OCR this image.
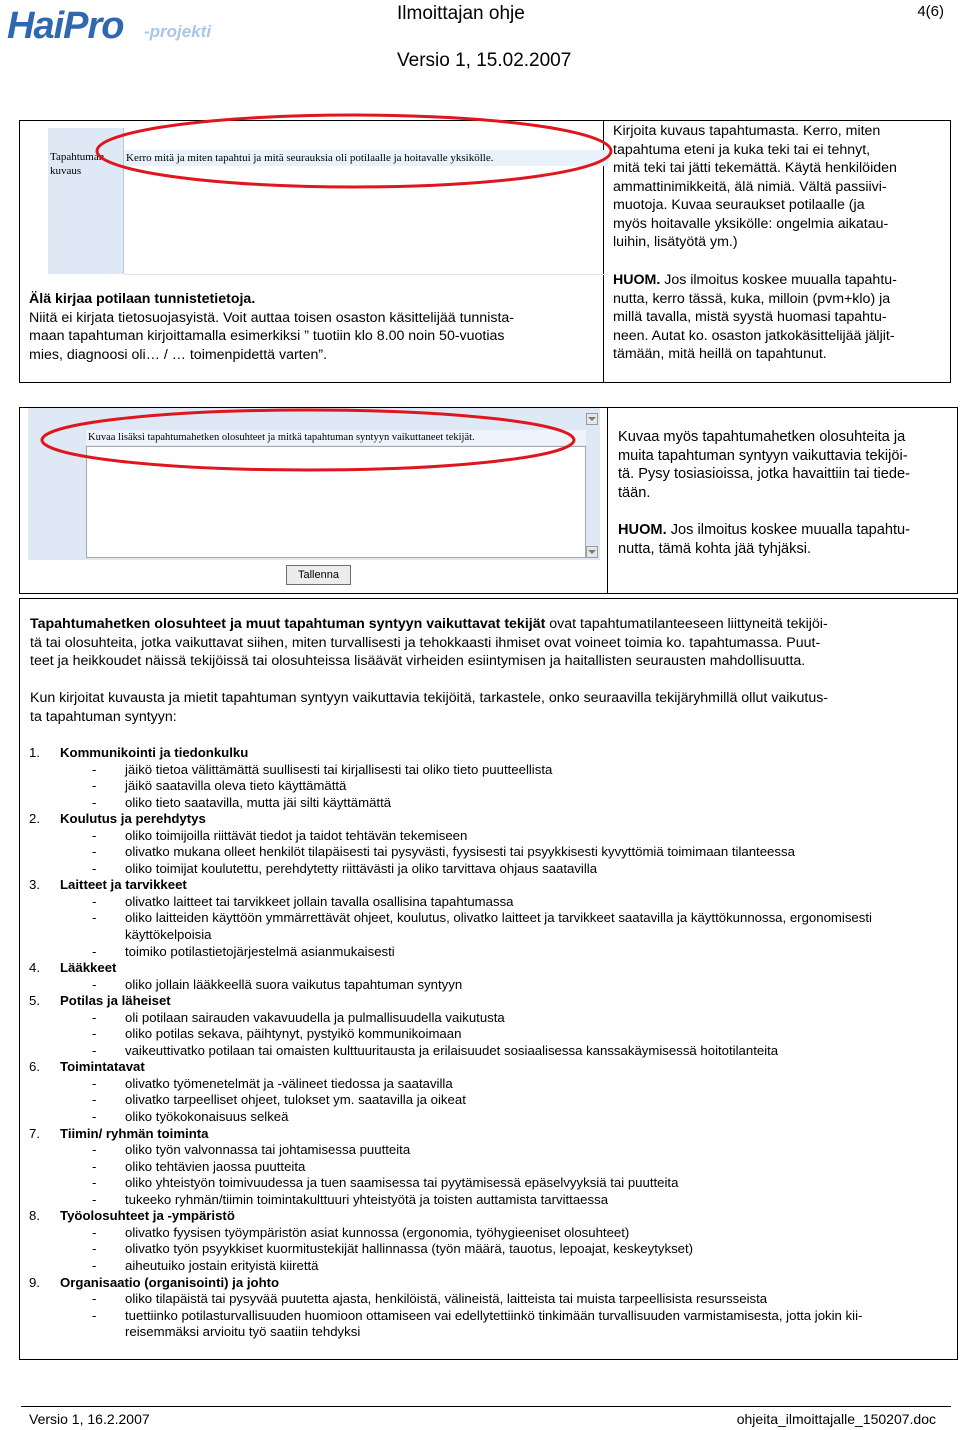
HaiPro -projekti
Ilmoittajan ohje
Versio 1, 15.02.2007
4(6)
Tapahtuman
kuvaus
Kerro mitä ja miten tapahtui ja mitä seurauksia oli potilaalle ja hoitavalle yksikölle.
Älä kirjaa potilaan tunnistetietoja.
Niitä ei kirjata tietosuojasyistä. Voit auttaa toisen osaston käsittelijää tunnista-
maan tapahtuman kirjoittamalla esimerkiksi ” tuotiin klo 8.00 noin 50-vuotias
mies, diagnoosi oli… / … toimenpidettä varten”.
Kirjoita kuvaus tapahtumasta. Kerro, miten
tapahtuma eteni ja kuka teki tai ei tehnyt,
mitä teki tai jätti tekemättä. Käytä henkilöiden
ammattinimikkeitä, älä nimiä. Vältä passiivi-
muotoja. Kuvaa seuraukset potilaalle (ja
myös hoitavalle yksikölle: ongelmia aikatau-
luihin, lisätyötä ym.)
HUOM. Jos ilmoitus koskee muualla tapahtu-
nutta, kerro tässä, kuka, milloin (pvm+klo) ja
millä tavalla, mistä syystä huomasi tapahtu-
neen. Autat ko. osaston jatkokäsittelijää jäljit-
tämään, mitä heillä on tapahtunut.
Kuvaa lisäksi tapahtumahetken olosuhteet ja mitkä tapahtuman syntyyn vaikuttaneet tekijät.
Tallenna
Kuvaa myös tapahtumahetken olosuhteita ja
muita tapahtuman syntyyn vaikuttavia tekijöi-
tä. Pysy tosiasioissa, jotka havaittiin tai tiede-
tään.
HUOM. Jos ilmoitus koskee muualla tapahtu-
nutta, tämä kohta jää tyhjäksi.
Tapahtumahetken olosuhteet ja muut tapahtuman syntyyn vaikuttavat tekijät ovat tapahtumatilanteeseen liittyneitä tekijöi-
tä tai olosuhteita, jotka vaikuttavat siihen, miten turvallisesti ja tehokkaasti ihmiset ovat voineet toimia ko. tapahtumassa. Puut-
teet ja heikkoudet näissä tekijöissä tai olosuhteissa lisäävät virheiden esiintymisen ja haitallisten seurausten mahdollisuutta.
Kun kirjoitat kuvausta ja mietit tapahtuman syntyyn vaikuttavia tekijöitä, tarkastele, onko seuraavilla tekijäryhmillä ollut vaikutus-
ta tapahtuman syntyyn:
1. Kommunikointi ja tiedonkulku
- jäikö tietoa välittämättä suullisesti tai kirjallisesti tai oliko tieto puutteellista
- jäikö saatavilla oleva tieto käyttämättä
- oliko tieto saatavilla, mutta jäi silti käyttämättä
2. Koulutus ja perehdytys
- oliko toimijoilla riittävät tiedot ja taidot tehtävän tekemiseen
- olivatko mukana olleet henkilöt tilapäisesti tai pysyvästi, fyysisesti tai psyykkisesti kyvyttömiä toimimaan tilanteessa
- oliko toimijat koulutettu, perehdytetty riittävästi ja oliko tarvittava ohjaus saatavilla
3. Laitteet ja tarvikkeet
- olivatko laitteet tai tarvikkeet jollain tavalla osallisina tapahtumassa
- oliko laitteiden käyttöön ymmärrettävät ohjeet, koulutus, olivatko laitteet ja tarvikkeet saatavilla ja käyttökunnossa, ergonomisesti
käyttökelpoisia
- toimiko potilastietojärjestelmä asianmukaisesti
4. Lääkkeet
- oliko jollain lääkkeellä suora vaikutus tapahtuman syntyyn
5. Potilas ja läheiset
- oli potilaan sairauden vakavuudella ja pulmallisuudella vaikutusta
- oliko potilas sekava, päihtynyt, pystyikö kommunikoimaan
- vaikeuttivatko potilaan tai omaisten kulttuuritausta ja erilaisuudet sosiaalisessa kanssakäymisessä hoitotilanteita
6. Toimintatavat
- olivatko työmenetelmät ja -välineet tiedossa ja saatavilla
- olivatko tarpeelliset ohjeet, tulokset ym. saatavilla ja oikeat
- oliko työkokonaisuus selkeä
7. Tiimin/ ryhmän toiminta
- oliko työn valvonnassa tai johtamisessa puutteita
- oliko tehtävien jaossa puutteita
- oliko yhteistyön toimivuudessa ja tuen saamisessa tai pyytämisessä epäselvyyksiä tai puutteita
- tukeeko ryhmän/tiimin toimintakulttuuri yhteistyötä ja toisten auttamista tarvittaessa
8. Työolosuhteet ja -ympäristö
- olivatko fyysisen työympäristön asiat kunnossa (ergonomia, työhygieeniset olosuhteet)
- olivatko työn psyykkiset kuormitustekijät hallinnassa (työn määrä, tauotus, lepoajat, keskeytykset)
- aiheutuiko jostain erityistä kiirettä
9. Organisaatio (organisointi) ja johto
- oliko tilapäistä tai pysyvää puutetta ajasta, henkilöistä, välineistä, laitteista tai muista tarpeellisista resursseista
- tuettiinko potilasturvallisuuden huomioon ottamiseen vai edellytettiinkö tinkimään turvallisuuden varmistamisesta, jotta jokin kii-
reisemmäksi arvioitu työ saatiin tehdyksi
Versio 1, 16.2.2007	ohjeita_ilmoittajalle_150207.doc
